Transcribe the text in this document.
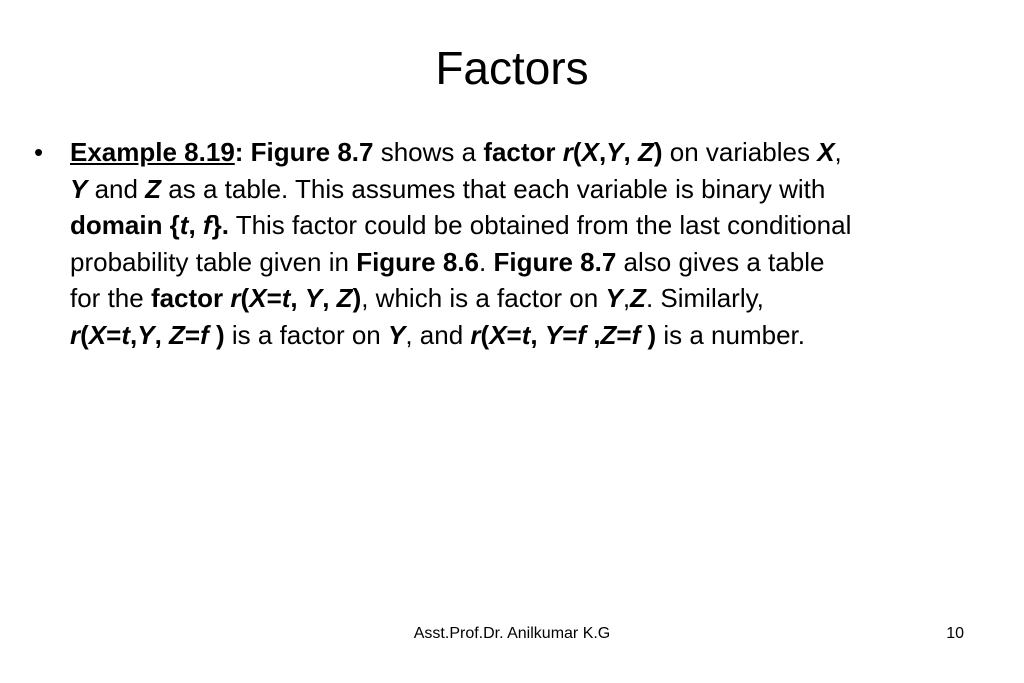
Factors
•	Example 8.19: Figure 8.7 shows a factor r(X,Y, Z) on variables X,
Y and Z as a table. This assumes that each variable is binary with
domain {t, f}. This factor could be obtained from the last conditional
probability table given in Figure 8.6. Figure 8.7 also gives a table
for the factor r(X=t, Y, Z), which is a factor on Y,Z. Similarly,
r(X=t,Y, Z=f ) is a factor on Y, and r(X=t, Y=f ,Z=f ) is a number.
Asst.Prof.Dr. Anilkumar K.G	10
